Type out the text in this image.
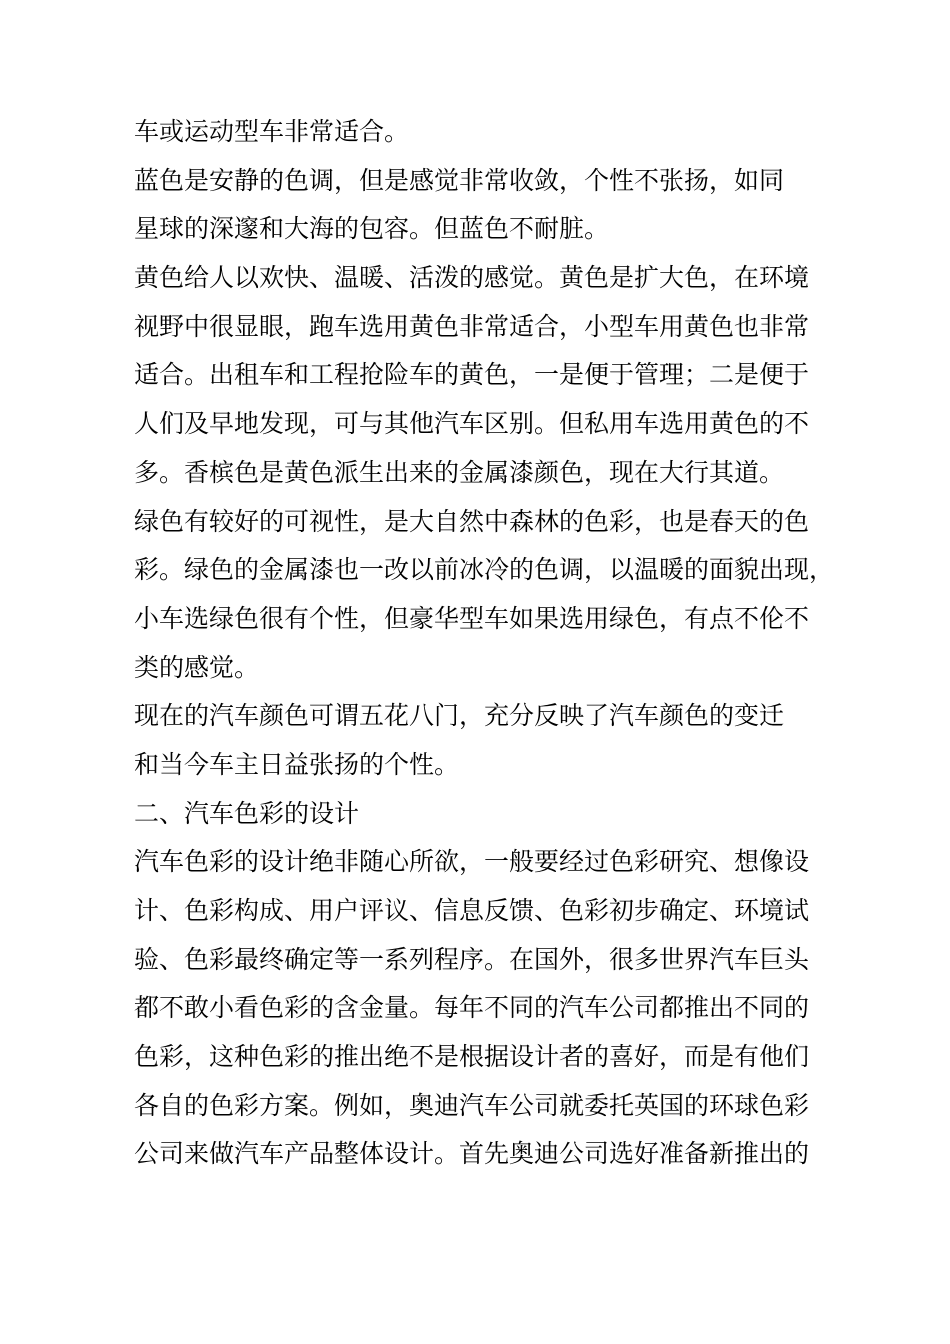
车或运动型车非常适合。
蓝色是安静的色调，但是感觉非常收敛，个性不张扬，如同
星球的深邃和大海的包容。但蓝色不耐脏。
黄色给人以欢快、温暖、活泼的感觉。黄色是扩大色，在环境
视野中很显眼，跑车选用黄色非常适合，小型车用黄色也非常
适合。出租车和工程抢险车的黄色，一是便于管理；二是便于
人们及早地发现，可与其他汽车区别。但私用车选用黄色的不
多。香槟色是黄色派生出来的金属漆颜色，现在大行其道。
绿色有较好的可视性，是大自然中森林的色彩，也是春天的色
彩。绿色的金属漆也一改以前冰冷的色调，以温暖的面貌出现，
小车选绿色很有个性，但豪华型车如果选用绿色，有点不伦不
类的感觉。
现在的汽车颜色可谓五花八门，充分反映了汽车颜色的变迁
和当今车主日益张扬的个性。
二、汽车色彩的设计
汽车色彩的设计绝非随心所欲，一般要经过色彩研究、想像设
计、色彩构成、用户评议、信息反馈、色彩初步确定、环境试
验、色彩最终确定等一系列程序。在国外，很多世界汽车巨头
都不敢小看色彩的含金量。每年不同的汽车公司都推出不同的
色彩，这种色彩的推出绝不是根据设计者的喜好，而是有他们
各自的色彩方案。例如，奥迪汽车公司就委托英国的环球色彩
公司来做汽车产品整体设计。首先奥迪公司选好准备新推出的
